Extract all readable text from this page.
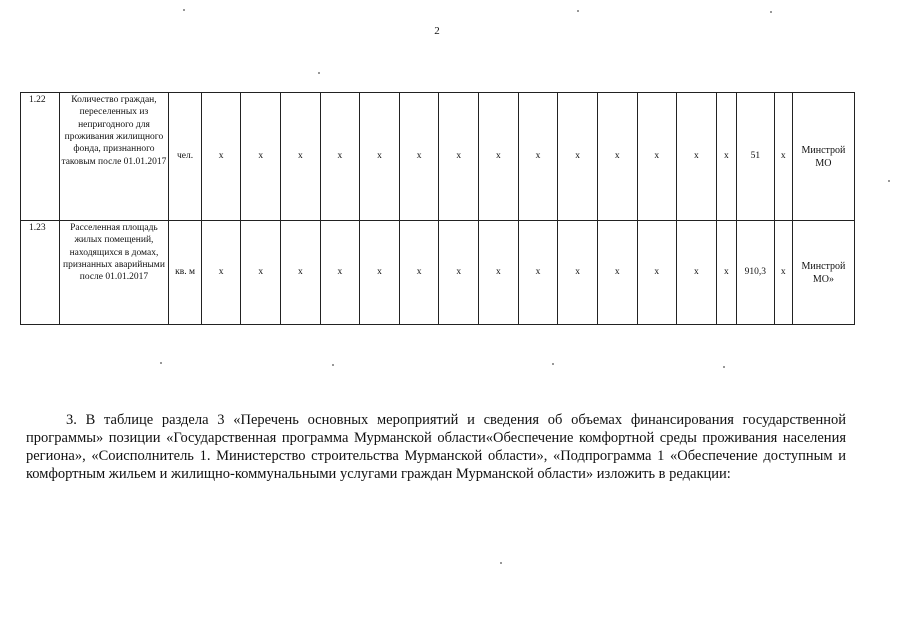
2
1.22	Количество граждан, переселенных из непригодного для проживания жилищного фонда, признанного таковым после 01.01.2017	чел.	х	х	х	х	х	х	х	х	х	х	х	х	х	х	51	х	Минстрой МО
1.23	Расселенная площадь жилых помещений, находящихся в домах, признанных аварийными после 01.01.2017	кв. м	х	х	х	х	х	х	х	х	х	х	х	х	х	х	910,3	х	Минстрой МО»

3. В таблице раздела 3 «Перечень основных мероприятий и сведения об объемах финансирования государственной программы» позиции «Государственная программа Мурманской области«Обеспечение комфортной среды проживания населения региона», «Соисполнитель 1. Министерство строительства Мурманской области», «Подпрограмма 1 «Обеспечение доступным и комфортным жильем и жилищно-коммунальными услугами граждан Мурманской области» изложить в редакции:
